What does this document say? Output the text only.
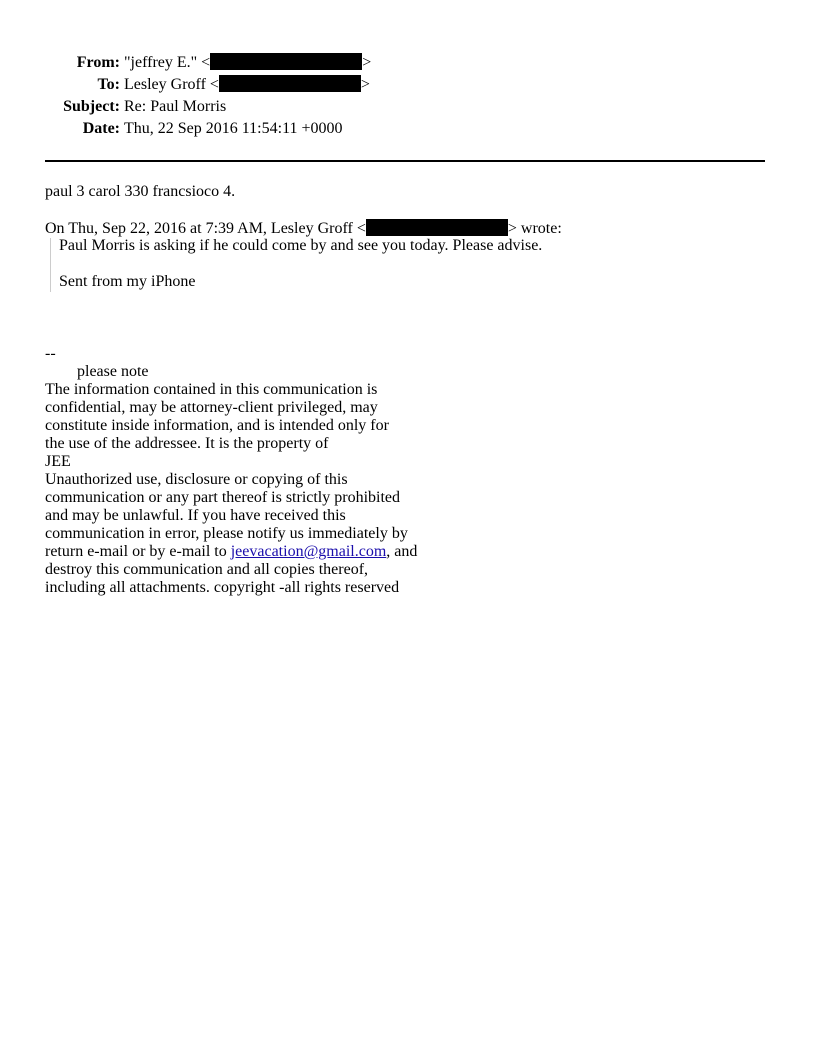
From: "jeffrey E." <	>
To: Lesley Groff <	>
Subject: Re: Paul Morris
Date: Thu, 22 Sep 2016 11:54:11 +0000
paul 3 carol 330 francsioco 4.
On Thu, Sep 22, 2016 at 7:39 AM, Lesley Groff <	> wrote:
Paul Morris is asking if he could come by and see you today. Please advise.
Sent from my iPhone
--
please note
The information contained in this communication is
confidential, may be attorney-client privileged, may
constitute inside information, and is intended only for
the use of the addressee. It is the property of
JEE
Unauthorized use, disclosure or copying of this
communication or any part thereof is strictly prohibited
and may be unlawful. If you have received this
communication in error, please notify us immediately by
return e-mail or by e-mail to jeevacation@gmail.com, and
destroy this communication and all copies thereof,
including all attachments. copyright -all rights reserved
